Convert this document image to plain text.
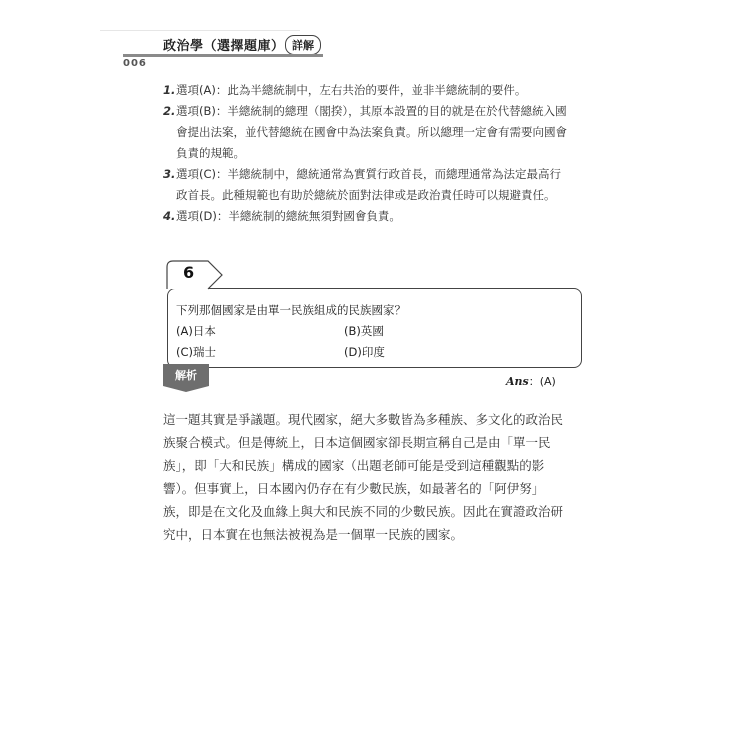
政治學（選擇題庫） 詳解
006
1. 選項(A)：此為半總統制中，左右共治的要件，並非半總統制的要件。
2. 選項(B)：半總統制的總理（閣揆），其原本設置的目的就是在於代替總統入國會提出法案，並代替總統在國會中為法案負責。所以總理一定會有需要向國會負責的規範。
3. 選項(C)：半總統制中，總統通常為實質行政首長，而總理通常為法定最高行政首長。此種規範也有助於總統於面對法律或是政治責任時可以規避責任。
4. 選項(D)：半總統制的總統無須對國會負責。
6
下列那個國家是由單一民族組成的民族國家？
(A)日本	(B)英國
(C)瑞士	(D)印度
解析	Ans：(A)
這一題其實是爭議題。現代國家，絕大多數皆為多種族、多文化的政治民族聚合模式。但是傳統上，日本這個國家卻長期宣稱自己是由「單一民族」，即「大和民族」構成的國家（出題老師可能是受到這種觀點的影響）。但事實上，日本國內仍存在有少數民族，如最著名的「阿伊努」族，即是在文化及血緣上與大和民族不同的少數民族。因此在實證政治研究中，日本實在也無法被視為是一個單一民族的國家。
